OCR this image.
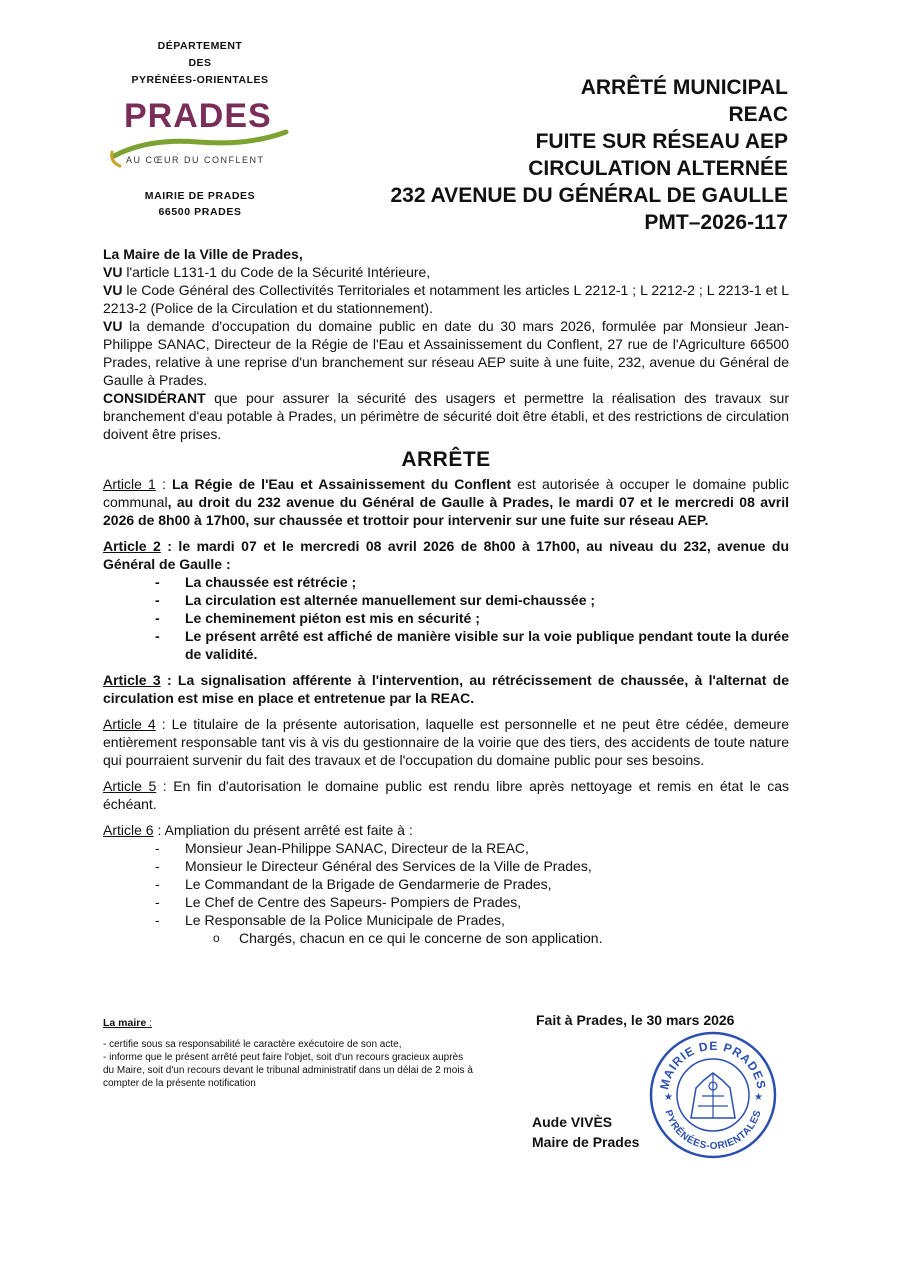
DÉPARTEMENT
DES
PYRÉNÉES-ORIENTALES
PRADES
AU CŒUR DU CONFLENT
MAIRIE DE PRADES
66500 PRADES
ARRÊTÉ MUNICIPAL
REAC
FUITE SUR RÉSEAU AEP
CIRCULATION ALTERNÉE
232 AVENUE DU GÉNÉRAL DE GAULLE
PMT–2026-117

La Maire de la Ville de Prades,

VU l'article L131-1 du Code de la Sécurité Intérieure,

VU le Code Général des Collectivités Territoriales et notamment les articles L 2212-1 ; L 2212-2 ; L 2213-1 et L 2213-2 (Police de la Circulation et du stationnement).

VU la demande d'occupation du domaine public en date du 30 mars 2026, formulée par Monsieur Jean-Philippe SANAC, Directeur de la Régie de l'Eau et Assainissement du Conflent, 27 rue de l'Agriculture 66500 Prades, relative à une reprise d'un branchement sur réseau AEP suite à une fuite, 232, avenue du Général de Gaulle à Prades.

CONSIDÉRANT que pour assurer la sécurité des usagers et permettre la réalisation des travaux sur branchement d'eau potable à Prades, un périmètre de sécurité doit être établi, et des restrictions de circulation doivent être prises.

ARRÊTE

Article 1 : La Régie de l'Eau et Assainissement du Conflent est autorisée à occuper le domaine public communal, au droit du 232 avenue du Général de Gaulle à Prades, le mardi 07 et le mercredi 08 avril 2026 de 8h00 à 17h00, sur chaussée et trottoir pour intervenir sur une fuite sur réseau AEP.

Article 2 : le mardi 07 et le mercredi 08 avril 2026 de 8h00 à 17h00, au niveau du 232, avenue du Général de Gaulle :

- La chaussée est rétrécie ;
- La circulation est alternée manuellement sur demi-chaussée ;
- Le cheminement piéton est mis en sécurité ;
- Le présent arrêté est affiché de manière visible sur la voie publique pendant toute la durée de validité.

Article 3 : La signalisation afférente à l'intervention, au rétrécissement de chaussée, à l'alternat de circulation est mise en place et entretenue par la REAC.

Article 4 : Le titulaire de la présente autorisation, laquelle est personnelle et ne peut être cédée, demeure entièrement responsable tant vis à vis du gestionnaire de la voirie que des tiers, des accidents de toute nature qui pourraient survenir du fait des travaux et de l'occupation du domaine public pour ses besoins.

Article 5 : En fin d'autorisation le domaine public est rendu libre après nettoyage et remis en état le cas échéant.

Article 6 : Ampliation du présent arrêté est faite à :

- Monsieur Jean-Philippe SANAC, Directeur de la REAC,
- Monsieur le Directeur Général des Services de la Ville de Prades,
- Le Commandant de la Brigade de Gendarmerie de Prades,
- Le Chef de Centre des Sapeurs- Pompiers de Prades,
- Le Responsable de la Police Municipale de Prades,
o Chargés, chacun en ce qui le concerne de son application.
La maire :
- certifie sous sa responsabilité le caractère exécutoire de son acte,
- informe que le présent arrêté peut faire l'objet, soit d'un recours gracieux auprès du Maire, soit d'un recours devant le tribunal administratif dans un délai de 2 mois à compter de la présente notification
Fait à Prades, le 30 mars 2026
MAIRIE DE PRADES
PYRÉNÉES-ORIENTALES
★	★
Aude VIVÈS
Maire de Prades
